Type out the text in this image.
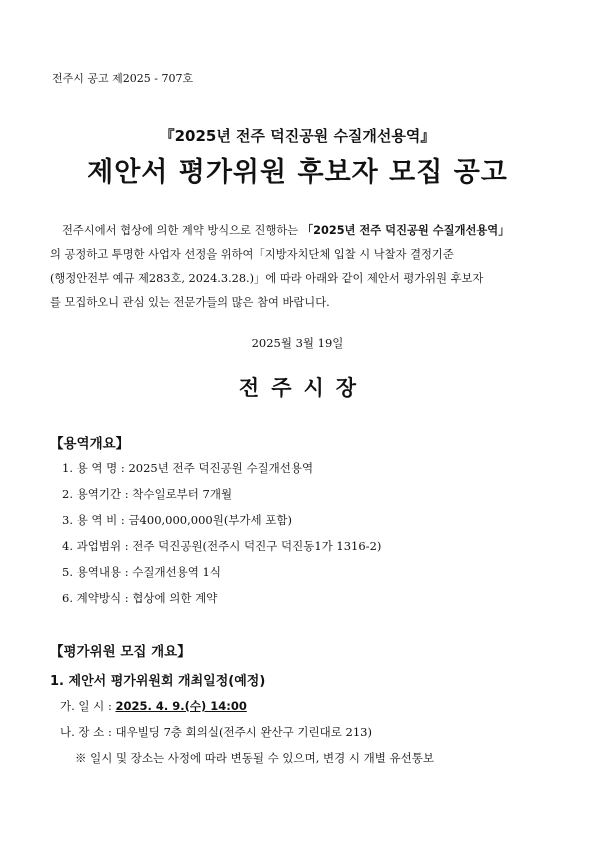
전주시 공고 제2025 - 707호
『2025년 전주 덕진공원 수질개선용역』
제안서 평가위원 후보자 모집 공고
전주시에서 협상에 의한 계약 방식으로 진행하는 「2025년 전주 덕진공원 수질개선용역」
의 공정하고 투명한 사업자 선정을 위하여「지방자치단체 입찰 시 낙찰자 결정기준
(행정안전부 예규 제283호, 2024.3.28.)」에 따라 아래와 같이 제안서 평가위원 후보자
를 모집하오니 관심 있는 전문가들의 많은 참여 바랍니다.
2025월 3월 19일
전주시장
【용역개요】
1. 용 역 명 : 2025년 전주 덕진공원 수질개선용역
2. 용역기간 : 착수일로부터 7개월
3. 용 역 비 : 금400,000,000원(부가세 포함)
4. 과업범위 : 전주 덕진공원(전주시 덕진구 덕진동1가 1316-2)
5. 용역내용 : 수질개선용역 1식
6. 계약방식 : 협상에 의한 계약
【평가위원 모집 개요】
1. 제안서 평가위원회 개최일정(예정)
가. 일 시 : 2025. 4. 9.(수) 14:00
나. 장 소 : 대우빌딩 7층 회의실(전주시 완산구 기린대로 213)
※ 일시 및 장소는 사정에 따라 변동될 수 있으며, 변경 시 개별 유선통보
